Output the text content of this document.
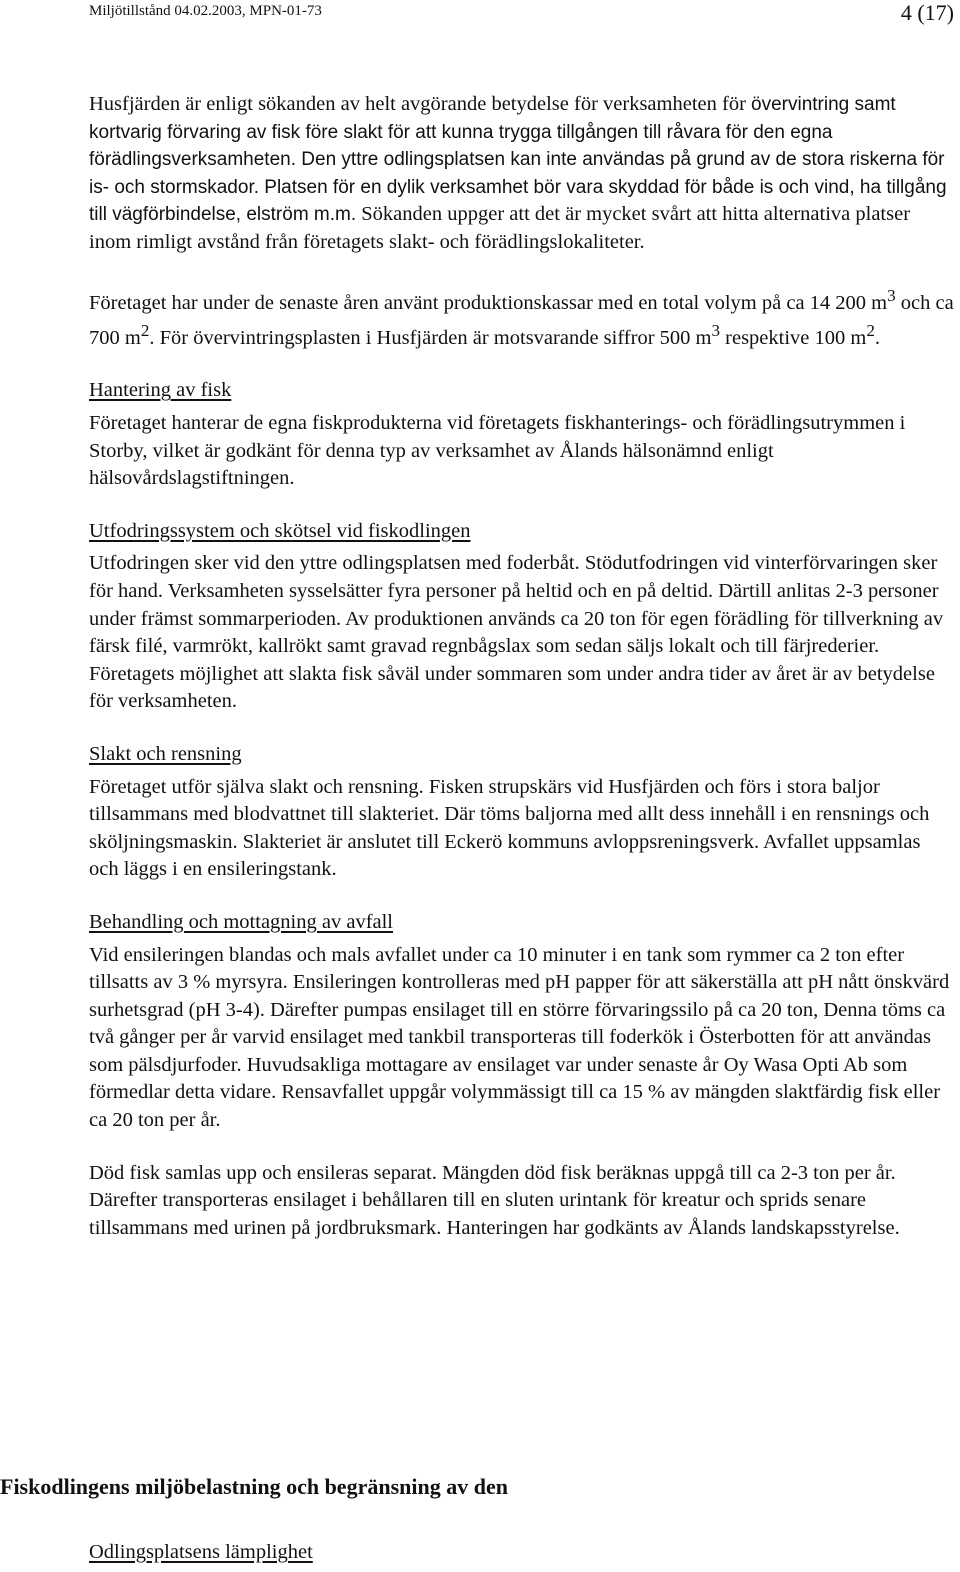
Miljötillstånd 04.02.2003, MPN-01-73	4 (17)

Husfjärden är enligt sökanden av helt avgörande betydelse för verksamheten för övervintring samt kortvarig förvaring av fisk före slakt för att kunna trygga tillgången till råvara för den egna förädlingsverksamheten. Den yttre odlingsplatsen kan inte användas på grund av de stora riskerna för is- och stormskador. Platsen för en dylik verksamhet bör vara skyddad för både is och vind, ha tillgång till vägförbindelse, elström m.m. Sökanden uppger att det är mycket svårt att hitta alternativa platser inom rimligt avstånd från företagets slakt- och förädlingslokaliteter.

Företaget har under de senaste åren använt produktionskassar med en total volym på ca 14 200 $m^3$ och ca 700 $m^2$. För övervintringsplasten i Husfjärden är motsvarande siffror 500 $m^3$ respektive 100 $m^2$.

Hantering av fisk

Företaget hanterar de egna fiskprodukterna vid företagets fiskhanterings- och förädlingsutrymmen i Storby, vilket är godkänt för denna typ av verksamhet av Ålands hälsonämnd enligt hälsovårdslagstiftningen.

Utfodringssystem och skötsel vid fiskodlingen

Utfodringen sker vid den yttre odlingsplatsen med foderbåt. Stödutfodringen vid vinterförvaringen sker för hand. Verksamheten sysselsätter fyra personer på heltid och en på deltid. Därtill anlitas 2-3 personer under främst sommarperioden. Av produktionen används ca 20 ton för egen förädling för tillverkning av färsk filé, varmrökt, kallrökt samt gravad regnbågslax som sedan säljs lokalt och till färjrederier. Företagets möjlighet att slakta fisk såväl under sommaren som under andra tider av året är av betydelse för verksamheten.

Slakt och rensning

Företaget utför själva slakt och rensning. Fisken strupskärs vid Husfjärden och förs i stora baljor tillsammans med blodvattnet till slakteriet. Där töms baljorna med allt dess innehåll i en rensnings och sköljningsmaskin. Slakteriet är anslutet till Eckerö kommuns avloppsreningsverk. Avfallet uppsamlas och läggs i en ensileringstank.

Behandling och mottagning av avfall

Vid ensileringen blandas och mals avfallet under ca 10 minuter i en tank som rymmer ca 2 ton efter tillsatts av 3 % myrsyra. Ensileringen kontrolleras med pH papper för att säkerställa att pH nått önskvärd surhetsgrad (pH 3-4). Därefter pumpas ensilaget till en större förvaringssilo på ca 20 ton, Denna töms ca två gånger per år varvid ensilaget med tankbil transporteras till foderkök i Österbotten för att användas som pälsdjurfoder. Huvudsakliga mottagare av ensilaget var under senaste år Oy Wasa Opti Ab som förmedlar detta vidare. Rensavfallet uppgår volymmässigt till ca 15 % av mängden slaktfärdig fisk eller ca 20 ton per år.

Död fisk samlas upp och ensileras separat. Mängden död fisk beräknas uppgå till ca 2-3 ton per år. Därefter transporteras ensilaget i behållaren till en sluten urintank för kreatur och sprids senare tillsammans med urinen på jordbruksmark. Hanteringen har godkänts av Ålands landskapsstyrelse.

Fiskodlingens miljöbelastning och begränsning av den
Odlingsplatsens lämplighet
